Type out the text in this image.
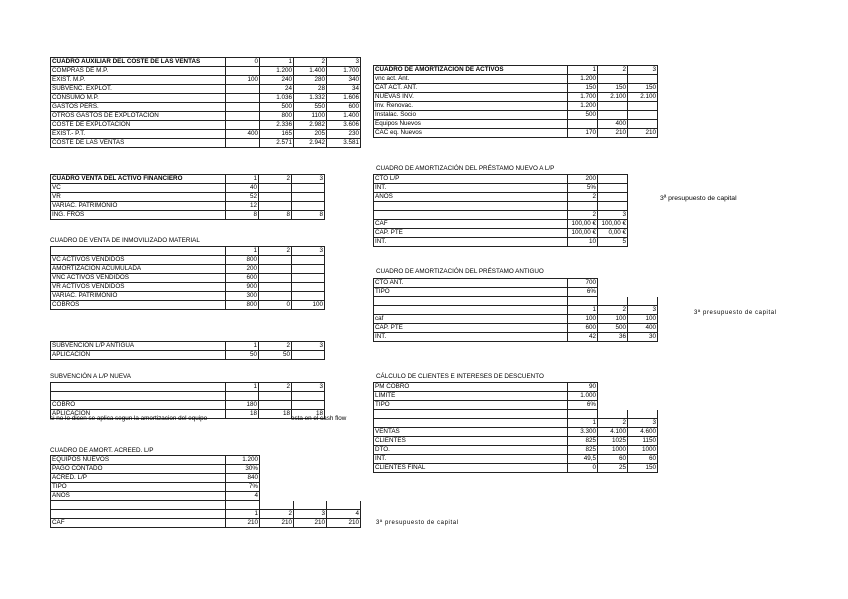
CUADRO AUXILIAR DEL COSTE DE LAS VENTAS	0	1	2	3
COMPRAS DE M.P.		1.200	1.400	1.700
EXIST. M.P.	100	240	280	340
SUBVENC. EXPLOT.		24	28	34
CONSUMO M.P.		1.036	1.332	1.606
GASTOS PERS.		500	550	600
OTROS GASTOS DE EXPLOTACIÓN		800	1100	1.400
COSTE DE EXPLOTACIÓN		2.336	2.982	3.606
EXIST.- P.T.	400	165	205	230
COSTE DE LAS VENTAS		2.571	2.942	3.581
CUADRO DE AMORTIZACIÓN DE ACTIVOS	1	2	3
vnc act. Ant.	1.200		
CAT ACT. ANT.	150	150	150
NUEVAS INV.	1.700	2.100	2.100
Inv. Renovac.	1.200		
Instalac. Socio	500		
Equipos Nuevos		400	
CAC eq. Nuevos	170	210	210
CUADRO DE AMORTIZACIÓN DEL PRÉSTAMO NUEVO A L/P
CTO L/P	200	
INT.	5%	
AÑOS	2	

	2	3
CAF	100,00 €	100,00 €
CAP. PTE	100,00 €	0,00 €
INT.	10	5
3ª presupuesto de capital
CUADRO VENTA DEL ACTIVO FINANCIERO	1	2	3
VC	40		
VR	52		
VARIAC. PATRIMONIO	12		
ING. FROS	8	8	8
CUADRO DE VENTA DE INMOVILIZADO MATERIAL
	1	2	3
VC ACTIVOS VENDIDOS	800		
AMORTIZACIÓN ACUMULADA	200		
VNC ACTIVOS VENDIDOS	600		
VR ACTIVOS VENDIDOS	900		
VARIAC. PATRIMONIO	300		
COBROS	800	0	100
CUADRO DE AMORTIZACIÓN DEL PRÉSTAMO ANTIGUO
CTO ANT.	700		
TIPO	6%		

	1	2	3
caf	100	100	100
CAP. PTE	600	500	400
INT.	42	36	30
3ª presupuesto de capital
SUBVENCIÓN L/P ANTIGUA	1	2	3
APLICACIÓN	50	50	
SUBVENCIÓN A L/P NUEVA
	1	2	3

COBRO	180		
APLICACIÓN	18	18	18
si no lo dicen se aplica segun la amortizacion del equipo	esta en el cash flow
CÁLCULO DE CLIENTES E INTERESES DE DESCUENTO
PM COBRO	90		
LÍMITE	1.000		
TIPO	6%		

	1	2	3
VENTAS	3.300	4.100	4.600
CLIENTES	825	1025	1150
DTO.	825	1000	1000
INT.	49,5	60	60
CLIENTES FINAL	0	25	150
CUADRO DE AMORT. ACREED. L/P
EQUIPOS NUEVOS	1.200			
PAGO CONTADO	30%			
ACRED. L/P	840			
TIPO	7%			
AÑOS	4			

	1	2	3	4
CAF	210	210	210	210	3ª presupuesto de capital
